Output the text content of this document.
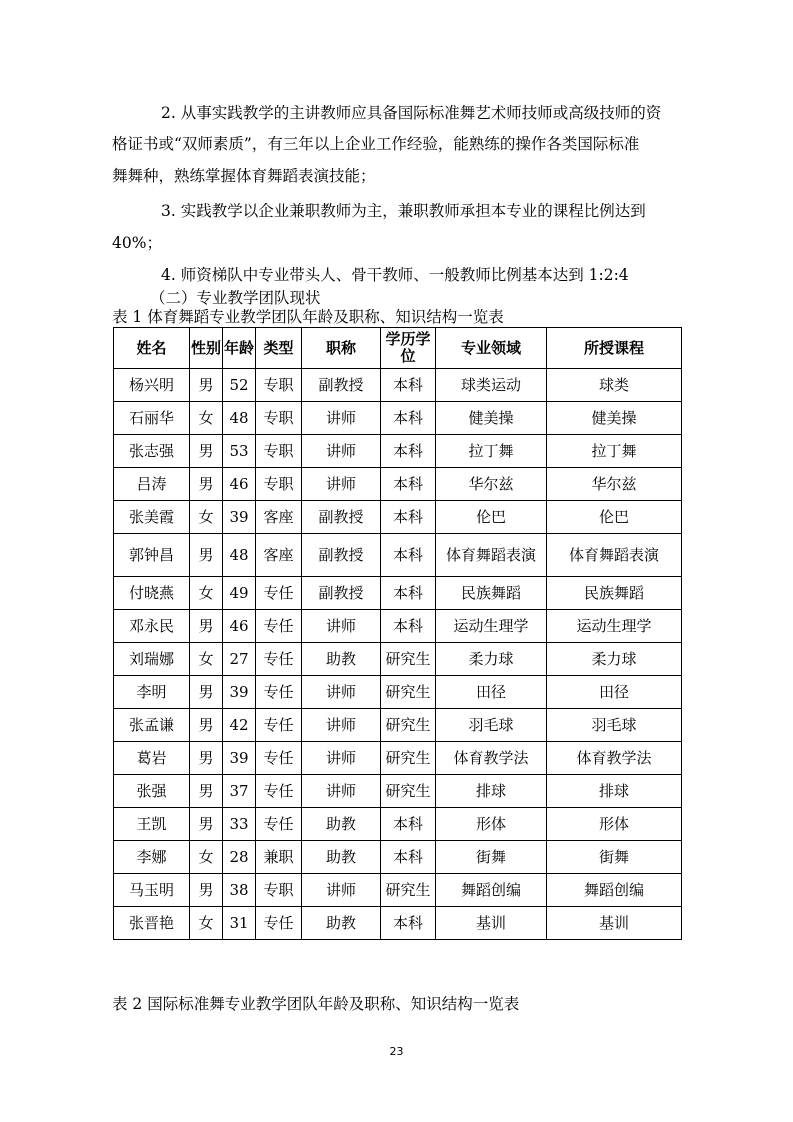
2. 从事实践教学的主讲教师应具备国际标准舞艺术师技师或高级技师的资
格证书或“双师素质”，有三年以上企业工作经验，能熟练的操作各类国际标准
舞舞种，熟练掌握体育舞蹈表演技能；
3. 实践教学以企业兼职教师为主，兼职教师承担本专业的课程比例达到
40%；
4. 师资梯队中专业带头人、骨干教师、一般教师比例基本达到 1:2:4
（二）专业教学团队现状
表 1 体育舞蹈专业教学团队年龄及职称、知识结构一览表
姓名	性别	年龄	类型	职称	学历学位	专业领域	所授课程
杨兴明	男	52	专职	副教授	本科	球类运动	球类
石丽华	女	48	专职	讲师	本科	健美操	健美操
张志强	男	53	专职	讲师	本科	拉丁舞	拉丁舞
吕涛	男	46	专职	讲师	本科	华尔兹	华尔兹
张美霞	女	39	客座	副教授	本科	伦巴	伦巴
郭钟昌	男	48	客座	副教授	本科	体育舞蹈表演	体育舞蹈表演
付晓燕	女	49	专任	副教授	本科	民族舞蹈	民族舞蹈
邓永民	男	46	专任	讲师	本科	运动生理学	运动生理学
刘瑞娜	女	27	专任	助教	研究生	柔力球	柔力球
李明	男	39	专任	讲师	研究生	田径	田径
张孟谦	男	42	专任	讲师	研究生	羽毛球	羽毛球
葛岩	男	39	专任	讲师	研究生	体育教学法	体育教学法
张强	男	37	专任	讲师	研究生	排球	排球
王凯	男	33	专任	助教	本科	形体	形体
李娜	女	28	兼职	助教	本科	街舞	街舞
马玉明	男	38	专职	讲师	研究生	舞蹈创编	舞蹈创编
张晋艳	女	31	专任	助教	本科	基训	基训
表 2 国际标准舞专业教学团队年龄及职称、知识结构一览表
23
